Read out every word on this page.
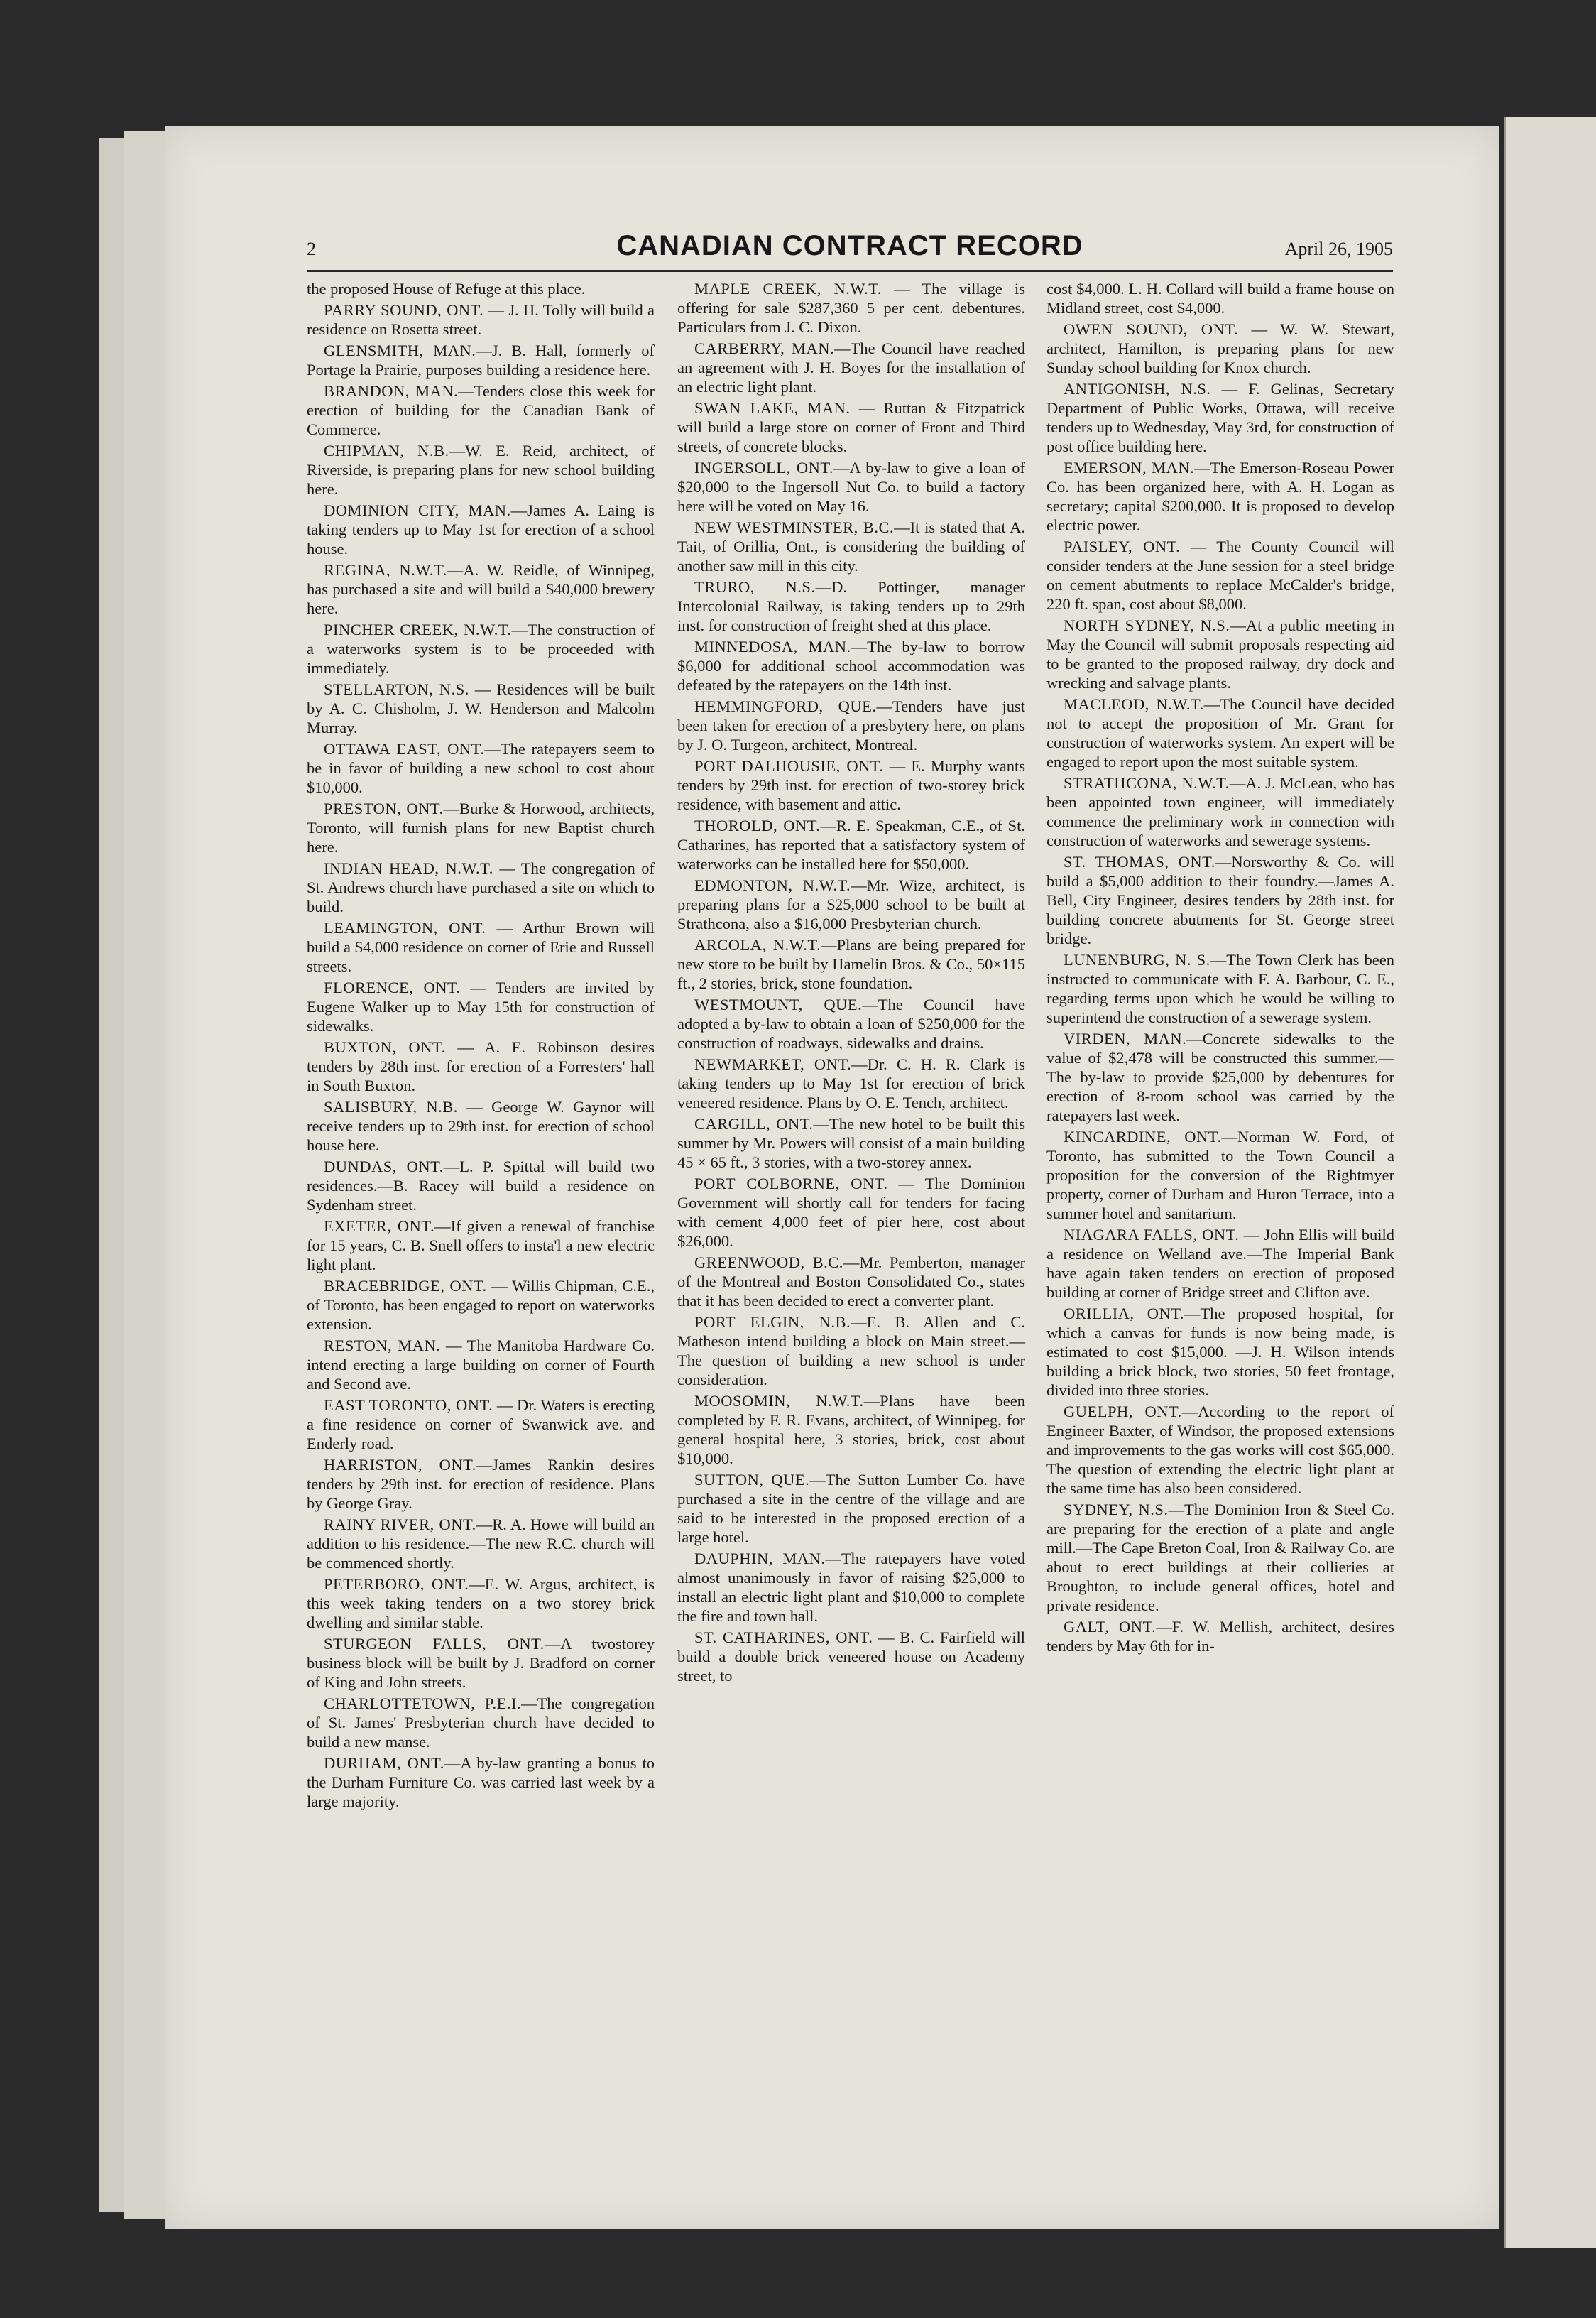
2	CANADIAN CONTRACT RECORD	April 26, 1905

the proposed House of Refuge at this place.

PARRY SOUND, ONT. — J. H. Tolly will build a residence on Rosetta street.

GLENSMITH, MAN.—J. B. Hall, formerly of Portage la Prairie, purposes building a residence here.

BRANDON, MAN.—Tenders close this week for erection of building for the Canadian Bank of Commerce.

CHIPMAN, N.B.—W. E. Reid, architect, of Riverside, is preparing plans for new school building here.

DOMINION CITY, MAN.—James A. Laing is taking tenders up to May 1st for erection of a school house.

REGINA, N.W.T.—A. W. Reidle, of Winnipeg, has purchased a site and will build a $40,000 brewery here.

PINCHER CREEK, N.W.T.—The construction of a waterworks system is to be proceeded with immediately.

STELLARTON, N.S. — Residences will be built by A. C. Chisholm, J. W. Henderson and Malcolm Murray.

OTTAWA EAST, ONT.—The ratepayers seem to be in favor of building a new school to cost about $10,000.

PRESTON, ONT.—Burke & Horwood, architects, Toronto, will furnish plans for new Baptist church here.

INDIAN HEAD, N.W.T. — The congregation of St. Andrews church have purchased a site on which to build.

LEAMINGTON, ONT. — Arthur Brown will build a $4,000 residence on corner of Erie and Russell streets.

FLORENCE, ONT. — Tenders are invited by Eugene Walker up to May 15th for construction of sidewalks.

BUXTON, ONT. — A. E. Robinson desires tenders by 28th inst. for erection of a Forresters' hall in South Buxton.

SALISBURY, N.B. — George W. Gaynor will receive tenders up to 29th inst. for erection of school house here.

DUNDAS, ONT.—L. P. Spittal will build two residences.—B. Racey will build a residence on Sydenham street.

EXETER, ONT.—If given a renewal of franchise for 15 years, C. B. Snell offers to insta'l a new electric light plant.

BRACEBRIDGE, ONT. — Willis Chipman, C.E., of Toronto, has been engaged to report on waterworks extension.

RESTON, MAN. — The Manitoba Hardware Co. intend erecting a large building on corner of Fourth and Second ave.

EAST TORONTO, ONT. — Dr. Waters is erecting a fine residence on corner of Swanwick ave. and Enderly road.

HARRISTON, ONT.—James Rankin desires tenders by 29th inst. for erection of residence. Plans by George Gray.

RAINY RIVER, ONT.—R. A. Howe will build an addition to his residence.—The new R.C. church will be commenced shortly.

PETERBORO, ONT.—E. W. Argus, architect, is this week taking tenders on a two storey brick dwelling and similar stable.

STURGEON FALLS, ONT.—A twostorey business block will be built by J. Bradford on corner of King and John streets.

CHARLOTTETOWN, P.E.I.—The congregation of St. James' Presbyterian church have decided to build a new manse.

DURHAM, ONT.—A by-law granting a bonus to the Durham Furniture Co. was carried last week by a large majority.

MAPLE CREEK, N.W.T. — The village is offering for sale $287,360 5 per cent. debentures. Particulars from J. C. Dixon.

CARBERRY, MAN.—The Council have reached an agreement with J. H. Boyes for the installation of an electric light plant.

SWAN LAKE, MAN. — Ruttan & Fitzpatrick will build a large store on corner of Front and Third streets, of concrete blocks.

INGERSOLL, ONT.—A by-law to give a loan of $20,000 to the Ingersoll Nut Co. to build a factory here will be voted on May 16.

NEW WESTMINSTER, B.C.—It is stated that A. Tait, of Orillia, Ont., is considering the building of another saw mill in this city.

TRURO, N.S.—D. Pottinger, manager Intercolonial Railway, is taking tenders up to 29th inst. for construction of freight shed at this place.

MINNEDOSA, MAN.—The by-law to borrow $6,000 for additional school accommodation was defeated by the ratepayers on the 14th inst.

HEMMINGFORD, QUE.—Tenders have just been taken for erection of a presbytery here, on plans by J. O. Turgeon, architect, Montreal.

PORT DALHOUSIE, ONT. — E. Murphy wants tenders by 29th inst. for erection of two-storey brick residence, with basement and attic.

THOROLD, ONT.—R. E. Speakman, C.E., of St. Catharines, has reported that a satisfactory system of waterworks can be installed here for $50,000.

EDMONTON, N.W.T.—Mr. Wize, architect, is preparing plans for a $25,000 school to be built at Strathcona, also a $16,000 Presbyterian church.

ARCOLA, N.W.T.—Plans are being prepared for new store to be built by Hamelin Bros. & Co., 50×115 ft., 2 stories, brick, stone foundation.

WESTMOUNT, QUE.—The Council have adopted a by-law to obtain a loan of $250,000 for the construction of roadways, sidewalks and drains.

NEWMARKET, ONT.—Dr. C. H. R. Clark is taking tenders up to May 1st for erection of brick veneered residence. Plans by O. E. Tench, architect.

CARGILL, ONT.—The new hotel to be built this summer by Mr. Powers will consist of a main building 45 × 65 ft., 3 stories, with a two-storey annex.

PORT COLBORNE, ONT. — The Dominion Government will shortly call for tenders for facing with cement 4,000 feet of pier here, cost about $26,000.

GREENWOOD, B.C.—Mr. Pemberton, manager of the Montreal and Boston Consolidated Co., states that it has been decided to erect a converter plant.

PORT ELGIN, N.B.—E. B. Allen and C. Matheson intend building a block on Main street.—The question of building a new school is under consideration.

MOOSOMIN, N.W.T.—Plans have been completed by F. R. Evans, architect, of Winnipeg, for general hospital here, 3 stories, brick, cost about $10,000.

SUTTON, QUE.—The Sutton Lumber Co. have purchased a site in the centre of the village and are said to be interested in the proposed erection of a large hotel.

DAUPHIN, MAN.—The ratepayers have voted almost unanimously in favor of raising $25,000 to install an electric light plant and $10,000 to complete the fire and town hall.

ST. CATHARINES, ONT. — B. C. Fairfield will build a double brick veneered house on Academy street, to

cost $4,000. L. H. Collard will build a frame house on Midland street, cost $4,000.

OWEN SOUND, ONT. — W. W. Stewart, architect, Hamilton, is preparing plans for new Sunday school building for Knox church.

ANTIGONISH, N.S. — F. Gelinas, Secretary Department of Public Works, Ottawa, will receive tenders up to Wednesday, May 3rd, for construction of post office building here.

EMERSON, MAN.—The Emerson-Roseau Power Co. has been organized here, with A. H. Logan as secretary; capital $200,000. It is proposed to develop electric power.

PAISLEY, ONT. — The County Council will consider tenders at the June session for a steel bridge on cement abutments to replace McCalder's bridge, 220 ft. span, cost about $8,000.

NORTH SYDNEY, N.S.—At a public meeting in May the Council will submit proposals respecting aid to be granted to the proposed railway, dry dock and wrecking and salvage plants.

MACLEOD, N.W.T.—The Council have decided not to accept the proposition of Mr. Grant for construction of waterworks system. An expert will be engaged to report upon the most suitable system.

STRATHCONA, N.W.T.—A. J. McLean, who has been appointed town engineer, will immediately commence the preliminary work in connection with construction of waterworks and sewerage systems.

ST. THOMAS, ONT.—Norsworthy & Co. will build a $5,000 addition to their foundry.—James A. Bell, City Engineer, desires tenders by 28th inst. for building concrete abutments for St. George street bridge.

LUNENBURG, N. S.—The Town Clerk has been instructed to communicate with F. A. Barbour, C. E., regarding terms upon which he would be willing to superintend the construction of a sewerage system.

VIRDEN, MAN.—Concrete sidewalks to the value of $2,478 will be constructed this summer.—The by-law to provide $25,000 by debentures for erection of 8-room school was carried by the ratepayers last week.

KINCARDINE, ONT.—Norman W. Ford, of Toronto, has submitted to the Town Council a proposition for the conversion of the Rightmyer property, corner of Durham and Huron Terrace, into a summer hotel and sanitarium.

NIAGARA FALLS, ONT. — John Ellis will build a residence on Welland ave.—The Imperial Bank have again taken tenders on erection of proposed building at corner of Bridge street and Clifton ave.

ORILLIA, ONT.—The proposed hospital, for which a canvas for funds is now being made, is estimated to cost $15,000. —J. H. Wilson intends building a brick block, two stories, 50 feet frontage, divided into three stories.

GUELPH, ONT.—According to the report of Engineer Baxter, of Windsor, the proposed extensions and improvements to the gas works will cost $65,000. The question of extending the electric light plant at the same time has also been considered.

SYDNEY, N.S.—The Dominion Iron & Steel Co. are preparing for the erection of a plate and angle mill.—The Cape Breton Coal, Iron & Railway Co. are about to erect buildings at their collieries at Broughton, to include general offices, hotel and private residence.

GALT, ONT.—F. W. Mellish, architect, desires tenders by May 6th for in-
